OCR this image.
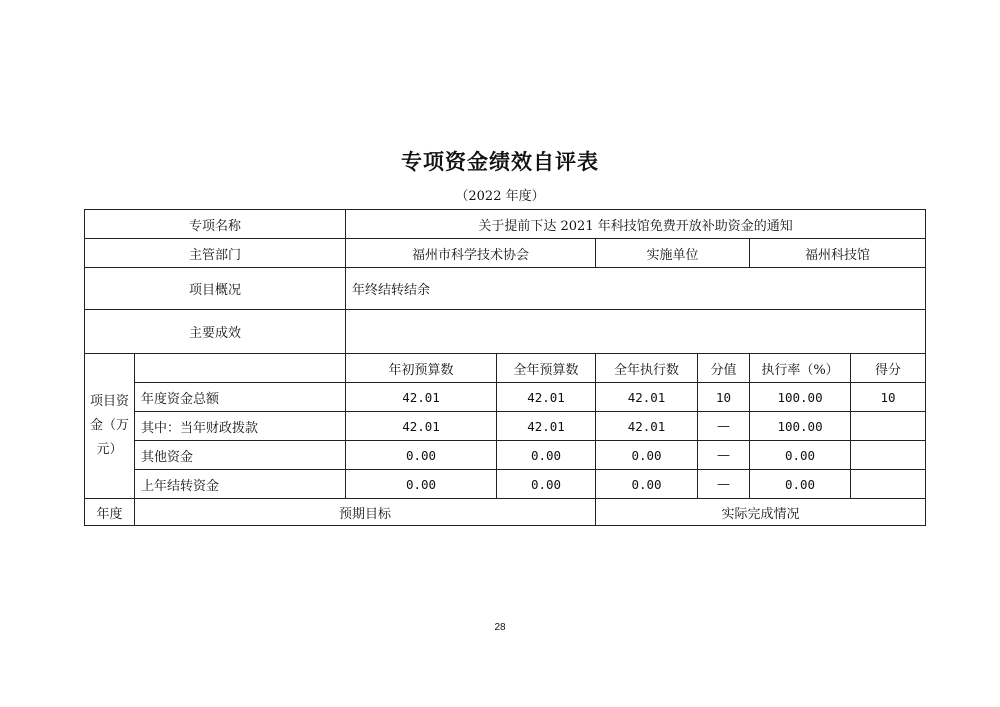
专项资金绩效自评表
（2022 年度）
专项名称		关于提前下达 2021 年科技馆免费开放补助资金的通知					
主管部门		福州市科学技术协会		实施单位		福州科技馆	
项目概况		年终结转结余					
主要成效							
项目资金（万元）		年初预算数	全年预算数	全年执行数	分值	执行率（%）	得分
	年度资金总额	42.01	42.01	42.01	10	100.00	10
	其中：当年财政拨款	42.01	42.01	42.01	—	100.00	
	其他资金	0.00	0.00	0.00	—	0.00	
	上年结转资金	0.00	0.00	0.00	—	0.00	
年度	预期目标			实际完成情况			
28
